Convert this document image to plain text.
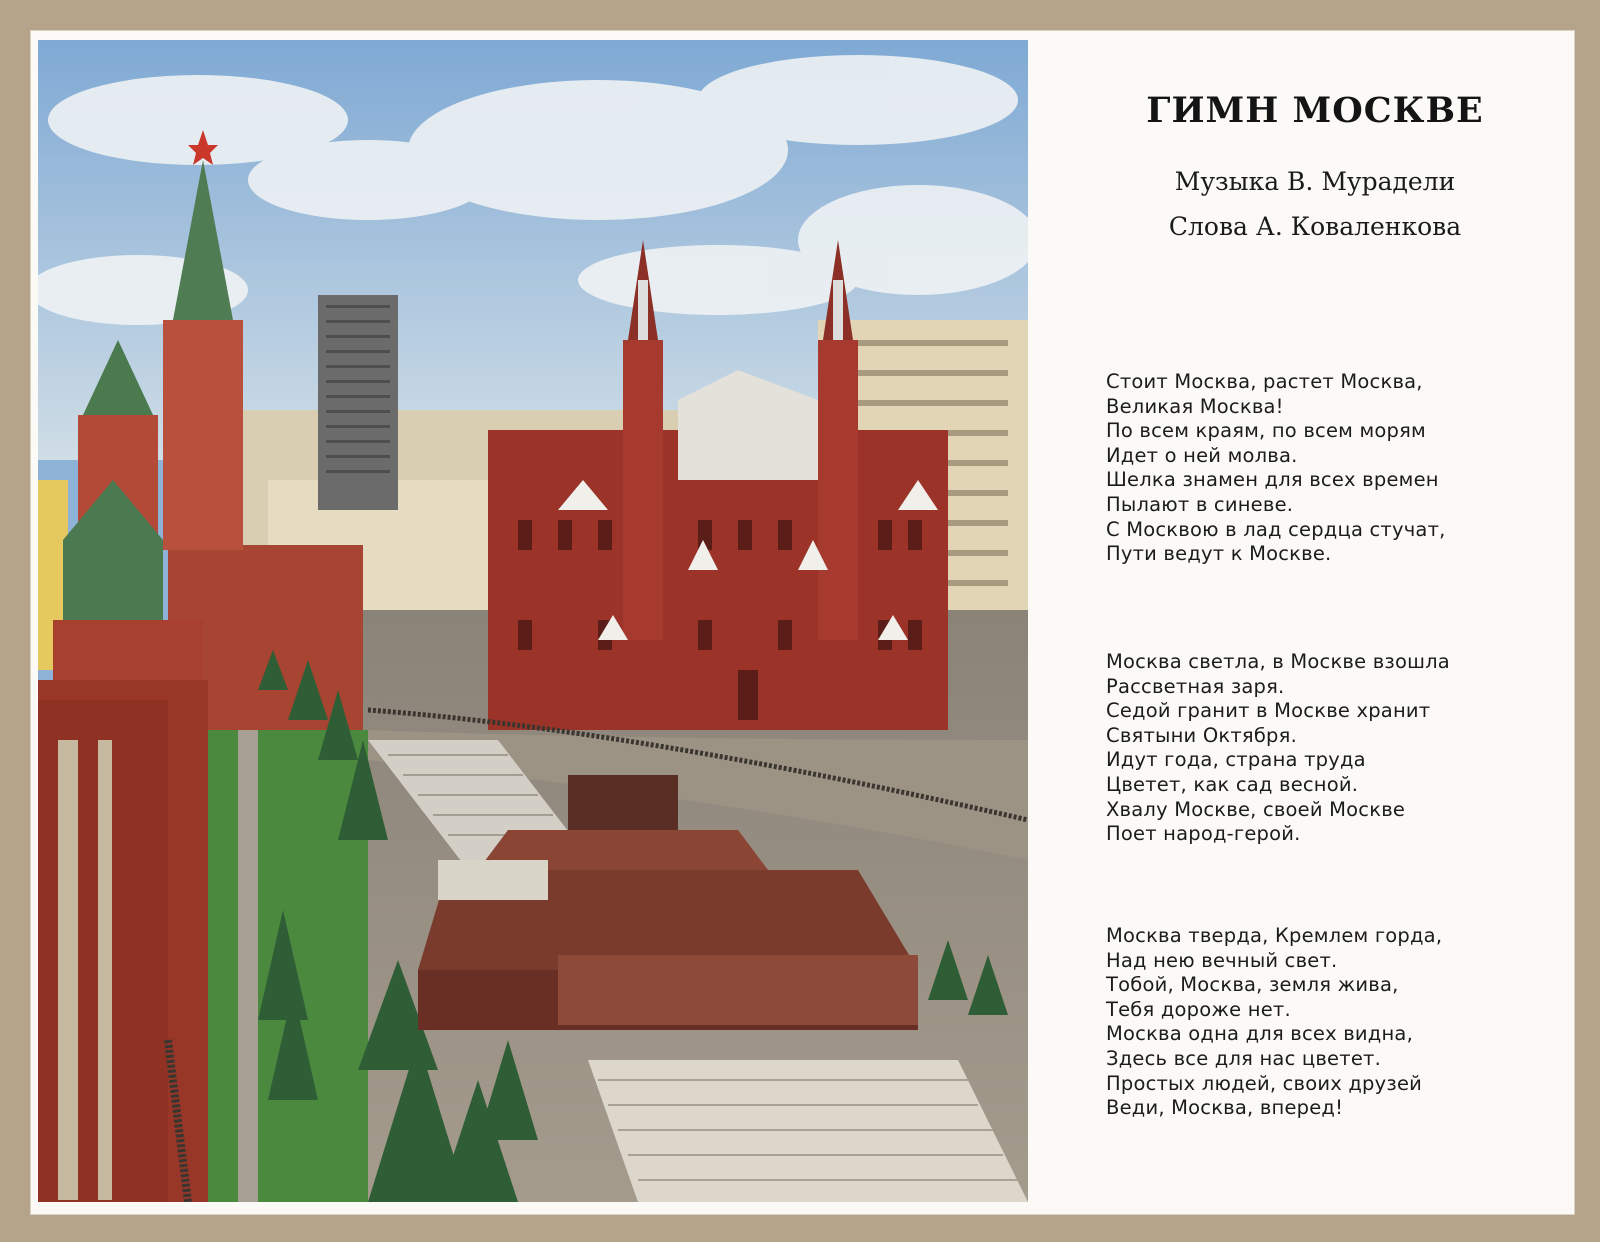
ГИМН МОСКВЕ
Музыка В. Мурадели
Слова А. Коваленкова
Стоит Москва, растет Москва,
Великая Москва!
По всем краям, по всем морям
Идет о ней молва.
Шелка знамен для всех времен
Пылают в синеве.
С Москвою в лад сердца стучат,
Пути ведут к Москве.
Москва светла, в Москве взошла
Рассветная заря.
Седой гранит в Москве хранит
Святыни Октября.
Идут года, страна труда
Цветет, как сад весной.
Хвалу Москве, своей Москве
Поет народ-герой.
Москва тверда, Кремлем горда,
Над нею вечный свет.
Тобой, Москва, земля жива,
Тебя дороже нет.
Москва одна для всех видна,
Здесь все для нас цветет.
Простых людей, своих друзей
Веди, Москва, вперед!
